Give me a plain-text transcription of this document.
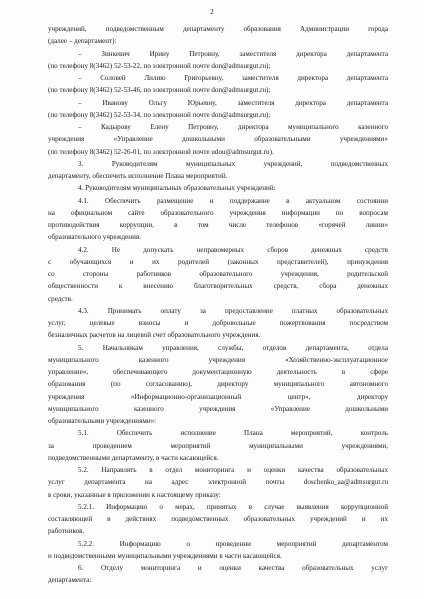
2
учреждений, подведомственным департаменту образования Администрации города
(далее – департамент):
– Зинкевич Ирину Петровну, заместителя директора департамента
(по телефону 8(3462) 52-53-22, по электронной почте don@admsurgut.ru);
– Соловей Лилию Григорьевну, заместителя директора департамента
(по телефону 8(3462) 52-53-46, по электронной почте don@admsurgut.ru);
– Иванову Ольгу Юрьевну, заместителя директора департамента
(по телефону 8(3462) 52-53-34, по электронной почте don@admsurgut.ru);
– Кадырову Елену Петровну, директора муниципального казенного
учреждения «Управление дошкольными образовательными учреждениями»
(по телефону 8(3462) 52-26-01, по электронной почте udou@admsurgut.ru).
3. Руководителям муниципальных учреждений, подведомственных
департаменту, обеспечить исполнение Плана мероприятий.
4. Руководителям муниципальных образовательных учреждений:
4.1. Обеспечить размещение и поддержание в актуальном состоянии
на официальном сайте образовательного учреждения информации по вопросам
противодействия коррупции, в том числе телефонов «горячей линии»
образовательного учреждения.
4.2. Не допускать неправомерных сборов денежных средств
с обучающихся и их родителей (законных представителей), принуждения
со стороны работников образовательного учреждения, родительской
общественности к внесению благотворительных средств, сбора денежных
средств.
4.3. Принимать оплату за предоставление платных образовательных
услуг, целевые взносы и добровольные пожертвования посредством
безналичных расчетов на лицевой счет образовательного учреждения.
5. Начальникам управления, службы, отделов департамента, отдела
муниципального казенного учреждения «Хозяйственно-эксплуатационное
управление», обеспечивающего документационную деятельность в сфере
образования (по согласованию), директору муниципального автономного
учреждения «Информационно-организационный центр», директору
муниципального казенного учреждения «Управление дошкольными
образовательными учреждениями»:
5.1. Обеспечить исполнение Плана мероприятий, контроль
за проведением мероприятий муниципальными учреждениями,
подведомственными департаменту, в части касающейся.
5.2. Направлять в отдел мониторинга и оценки качества образовательных
услуг департамента на адрес электронной почты doschenko_aa@admsurgut.ru
в сроки, указанные в приложении к настоящему приказу:
5.2.1. Информацию о мерах, принятых в случае выявления коррупционной
составляющей в действиях подведомственных образовательных учреждений и их
работников.
5.2.2. Информацию о проведении мероприятий департаментом
и подведомственными муниципальными учреждениями в части касающейся.
6. Отделу мониторинга и оценки качества образовательных услуг
департамента:
